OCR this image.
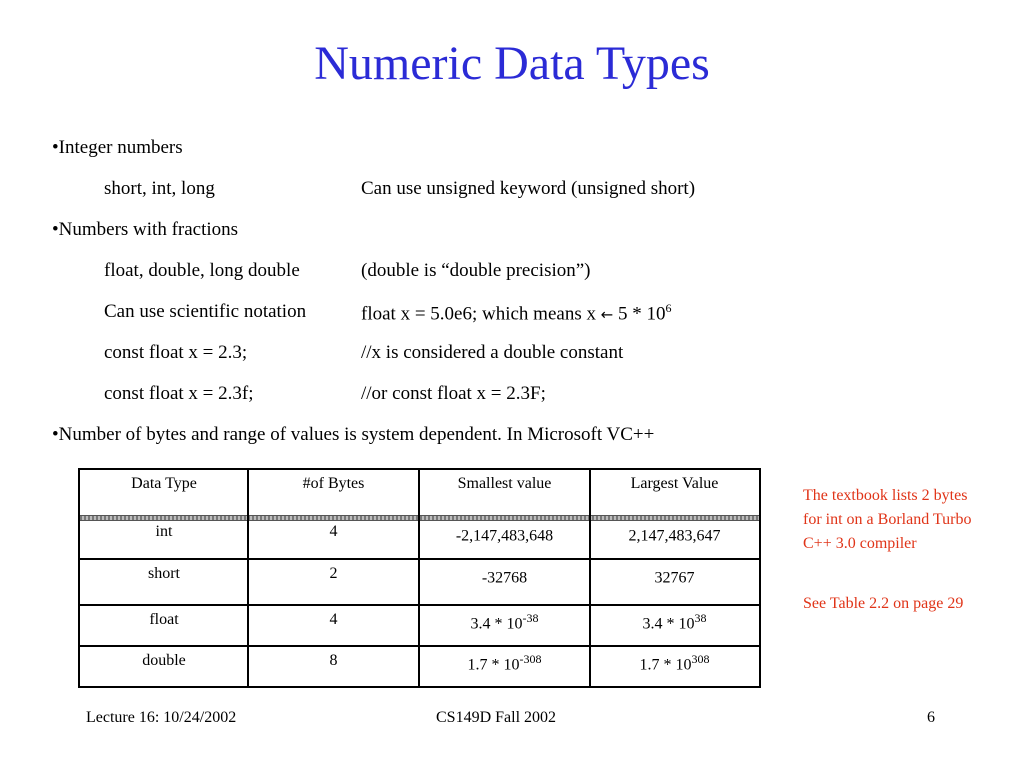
Numeric Data Types
•Integer numbers
short, int, long	Can use unsigned keyword (unsigned short)
•Numbers with fractions
float, double, long double	(double is “double precision”)
Can use scientific notation	float x = 5.0e6; which means x ← $5 * 10^6$
const float x = 2.3;	//x is considered a double constant
const float x = 2.3f;	//or const float x = 2.3F;
•Number of bytes and range of values is system dependent. In Microsoft VC++
Data Type	#of Bytes	Smallest value	Largest Value
int	4	-2,147,483,648	2,147,483,647
short	2	-32768	32767
float	4	$3.4 * 10^{-38}$	$3.4 * 10^{38}$
double	8	$1.7 * 10^{-308}$	$1.7 * 10^{308}$
The textbook lists 2 bytes for int on a Borland Turbo C++ 3.0 compiler
See Table 2.2 on page 29
Lecture 16: 10/24/2002	CS149D Fall 2002	6
